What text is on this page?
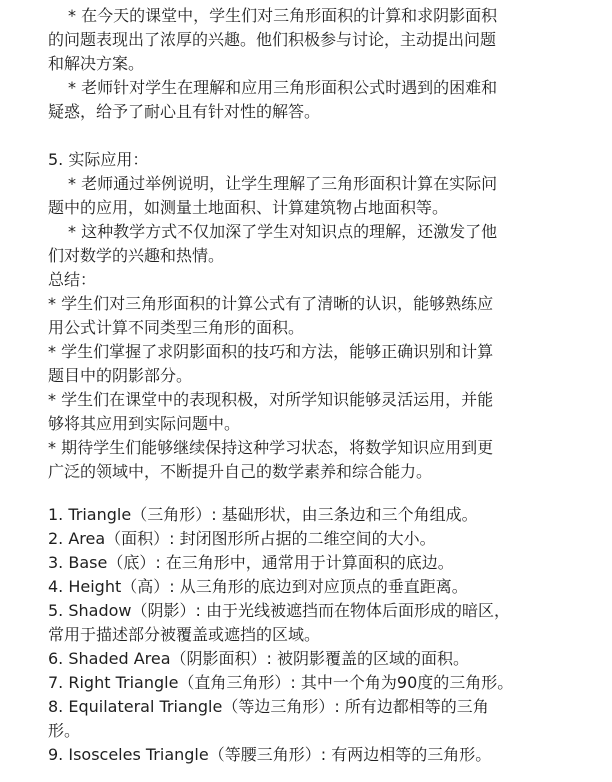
* 在今天的课堂中，学生们对三角形面积的计算和求阴影面积
的问题表现出了浓厚的兴趣。他们积极参与讨论，主动提出问题
和解决方案。
* 老师针对学生在理解和应用三角形面积公式时遇到的困难和
疑惑，给予了耐心且有针对性的解答。
5. 实际应用：
* 老师通过举例说明，让学生理解了三角形面积计算在实际问
题中的应用，如测量土地面积、计算建筑物占地面积等。
* 这种教学方式不仅加深了学生对知识点的理解，还激发了他
们对数学的兴趣和热情。
总结：
* 学生们对三角形面积的计算公式有了清晰的认识，能够熟练应
用公式计算不同类型三角形的面积。
* 学生们掌握了求阴影面积的技巧和方法，能够正确识别和计算
题目中的阴影部分。
* 学生们在课堂中的表现积极，对所学知识能够灵活运用，并能
够将其应用到实际问题中。
* 期待学生们能够继续保持这种学习状态，将数学知识应用到更
广泛的领域中，不断提升自己的数学素养和综合能力。
1. Triangle（三角形）: 基础形状，由三条边和三个角组成。
2. Area（面积）: 封闭图形所占据的二维空间的大小。
3. Base（底）: 在三角形中，通常用于计算面积的底边。
4. Height（高）: 从三角形的底边到对应顶点的垂直距离。
5. Shadow（阴影）: 由于光线被遮挡而在物体后面形成的暗区，
常用于描述部分被覆盖或遮挡的区域。
6. Shaded Area（阴影面积）: 被阴影覆盖的区域的面积。
7. Right Triangle（直角三角形）: 其中一个角为90度的三角形。
8. Equilateral Triangle（等边三角形）: 所有边都相等的三角
形。
9. Isosceles Triangle（等腰三角形）: 有两边相等的三角形。
